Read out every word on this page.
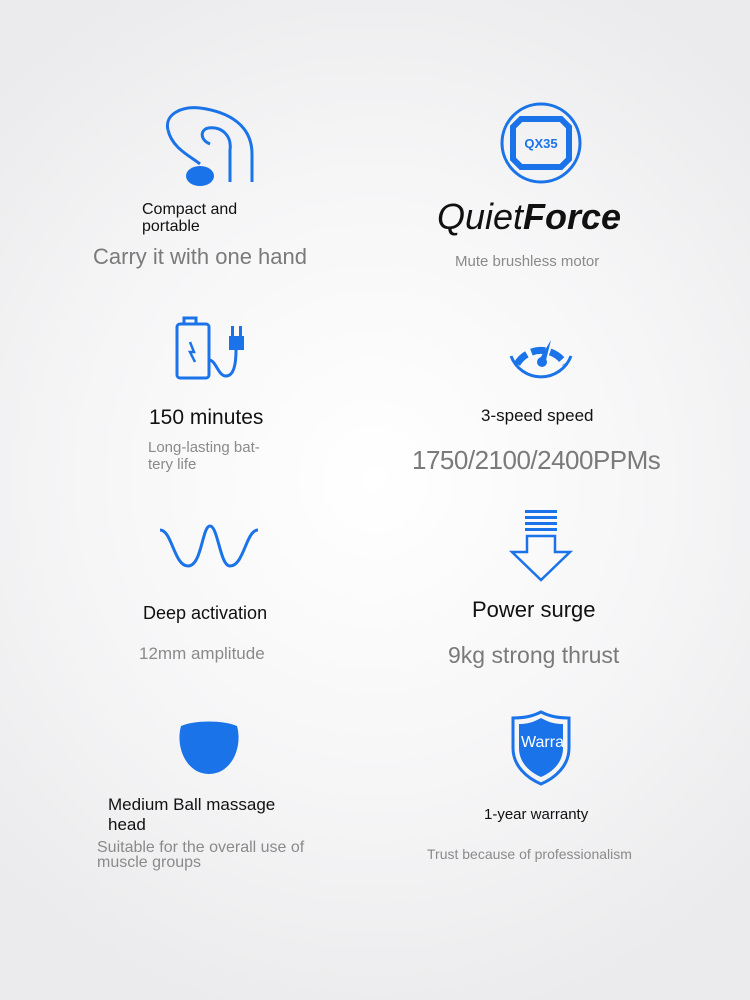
Compact and portable
Carry it with one hand
QX35
QuietForce
Mute brushless motor
150 minutes
Long-lasting bat-
tery life
3-speed speed
1750/2100/2400PPMs
Deep activation
12mm amplitude
Power surge
9kg strong thrust
Medium Ball massage
head
Suitable for the overall use of
muscle groups
Warra
1-year warranty
Trust because of professionalism
